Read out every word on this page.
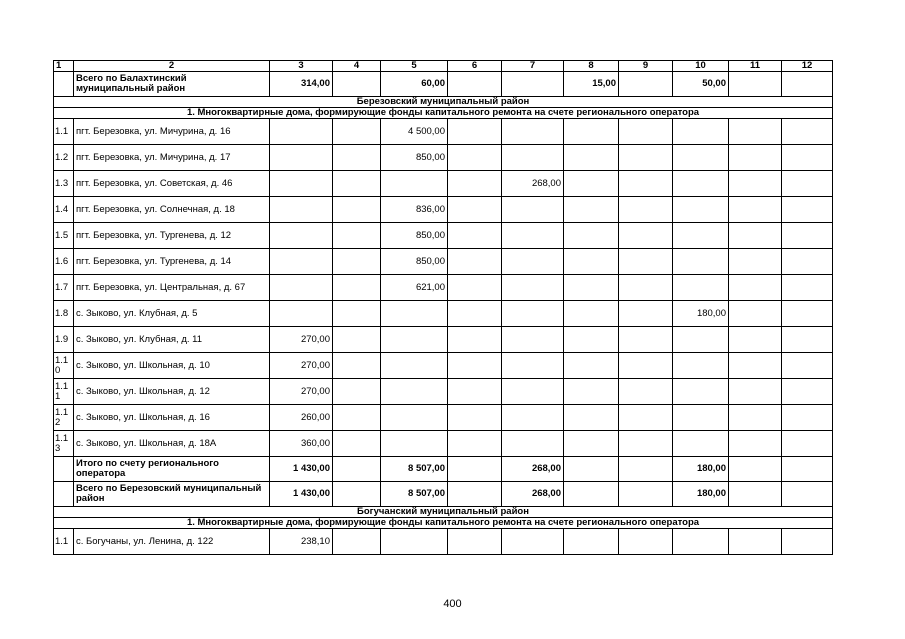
1	2	3	4	5	6	7	8	9	10	11	12
	Всего по Балахтинский муниципальный район	314,00		60,00			15,00		50,00		
Березовский муниципальный район											
1. Многоквартирные дома, формирующие фонды капитального ремонта на счете регионального оператора											
1.1	пгт. Березовка, ул. Мичурина, д. 16			4 500,00							
1.2	пгт. Березовка, ул. Мичурина, д. 17			850,00							
1.3	пгт. Березовка, ул. Советская, д. 46					268,00					
1.4	пгт. Березовка, ул. Солнечная, д. 18			836,00							
1.5	пгт. Березовка, ул. Тургенева, д. 12			850,00							
1.6	пгт. Березовка, ул. Тургенева, д. 14			850,00							
1.7	пгт. Березовка, ул. Центральная, д. 67			621,00							
1.8	с. Зыково, ул. Клубная, д. 5								180,00		
1.9	с. Зыково, ул. Клубная, д. 11	270,00									
1.1 0	с. Зыково, ул. Школьная, д. 10	270,00									
1.1 1	с. Зыково, ул. Школьная, д. 12	270,00									
1.1 2	с. Зыково, ул. Школьная, д. 16	260,00									
1.1 3	с. Зыково, ул. Школьная, д. 18А	360,00									
	Итого по счету регионального оператора	1 430,00		8 507,00		268,00			180,00		
	Всего по Березовский муниципальный район	1 430,00		8 507,00		268,00			180,00		
Богучанский муниципальный район											
1. Многоквартирные дома, формирующие фонды капитального ремонта на счете регионального оператора											
1.1	с. Богучаны, ул. Ленина, д. 122	238,10									
400
